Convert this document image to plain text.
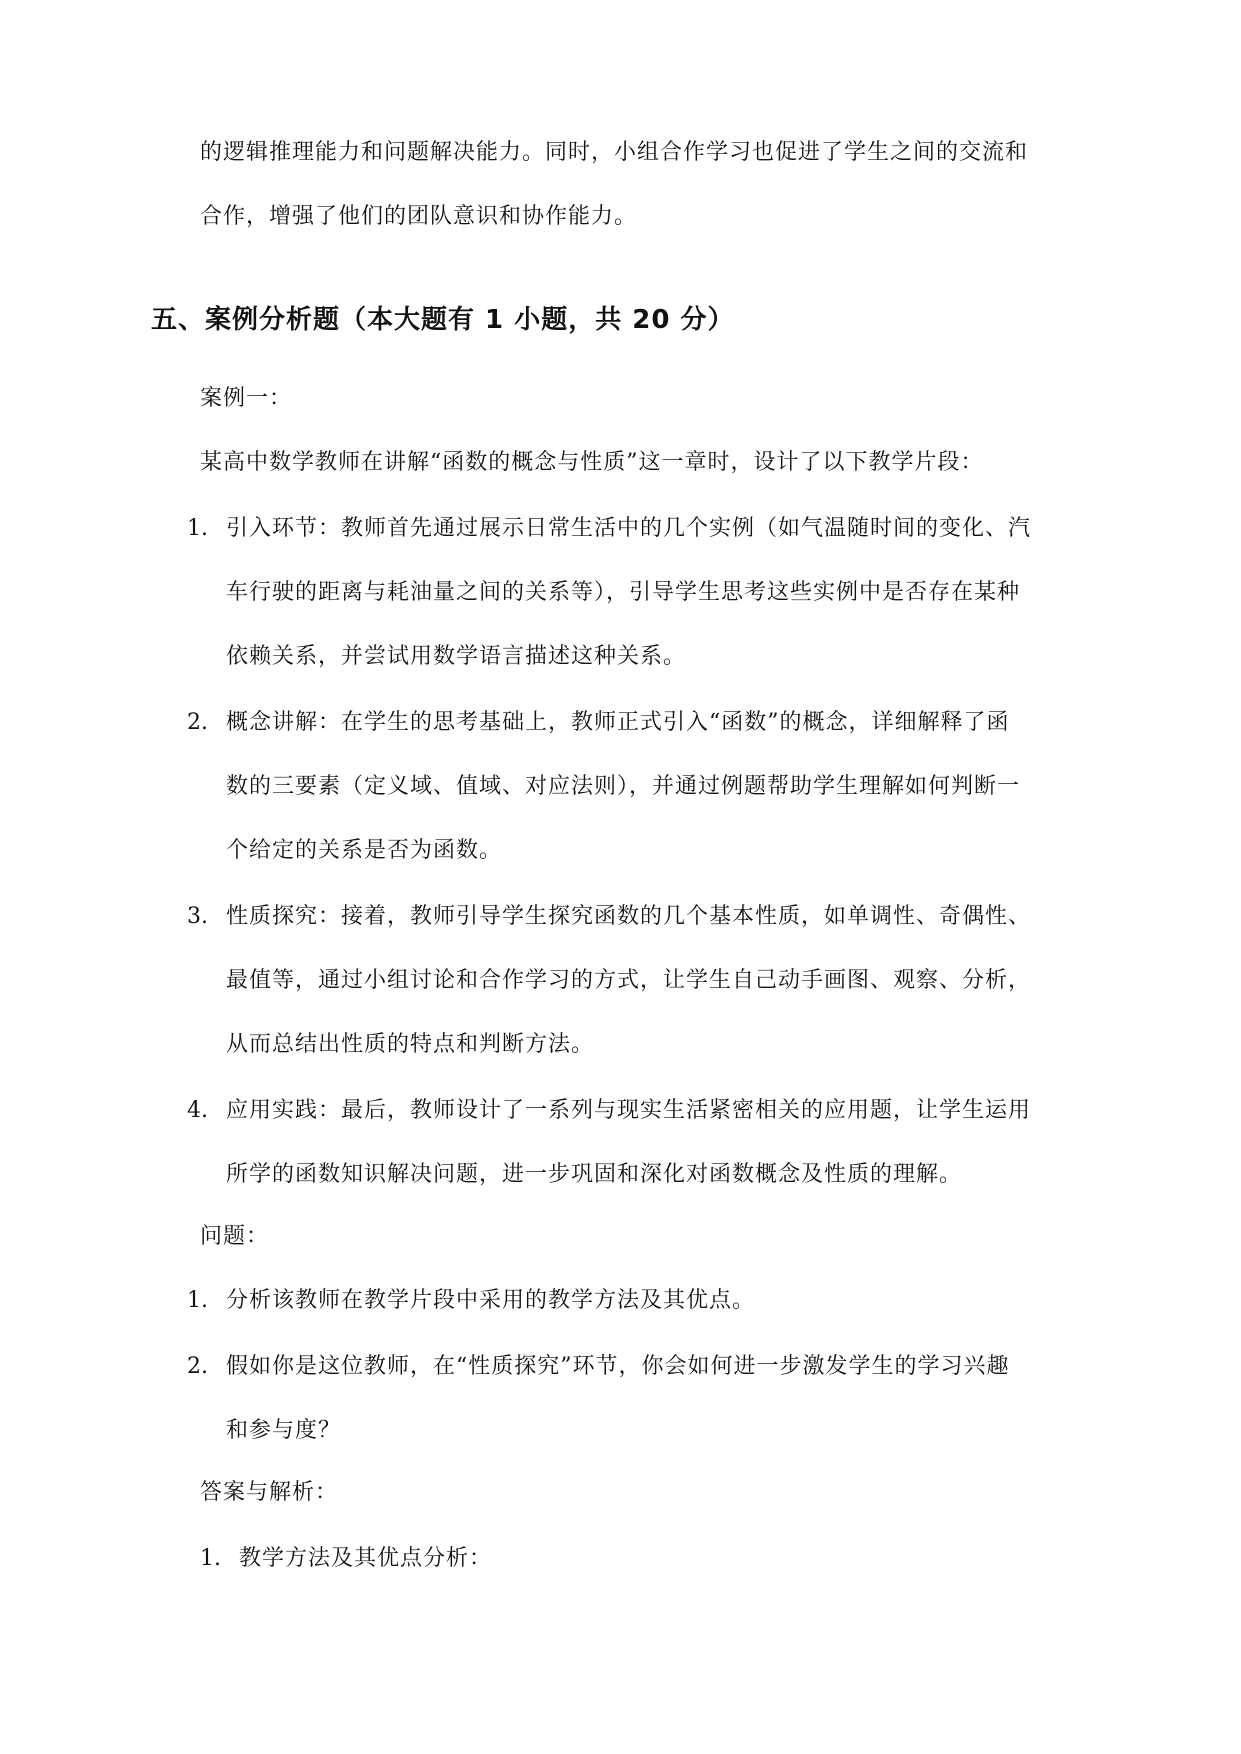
的逻辑推理能力和问题解决能力。同时，小组合作学习也促进了学生之间的交流和
合作，增强了他们的团队意识和协作能力。
五、案例分析题（本大题有 1 小题，共 20 分）
案例一：
某高中数学教师在讲解“函数的概念与性质”这一章时，设计了以下教学片段：
1. 引入环节：教师首先通过展示日常生活中的几个实例（如气温随时间的变化、汽
车行驶的距离与耗油量之间的关系等），引导学生思考这些实例中是否存在某种
依赖关系，并尝试用数学语言描述这种关系。
2. 概念讲解：在学生的思考基础上，教师正式引入“函数”的概念，详细解释了函
数的三要素（定义域、值域、对应法则），并通过例题帮助学生理解如何判断一
个给定的关系是否为函数。
3. 性质探究：接着，教师引导学生探究函数的几个基本性质，如单调性、奇偶性、
最值等，通过小组讨论和合作学习的方式，让学生自己动手画图、观察、分析，
从而总结出性质的特点和判断方法。
4. 应用实践：最后，教师设计了一系列与现实生活紧密相关的应用题，让学生运用
所学的函数知识解决问题，进一步巩固和深化对函数概念及性质的理解。
问题：
1. 分析该教师在教学片段中采用的教学方法及其优点。
2. 假如你是这位教师，在“性质探究”环节，你会如何进一步激发学生的学习兴趣
和参与度？
答案与解析：
1. 教学方法及其优点分析：
